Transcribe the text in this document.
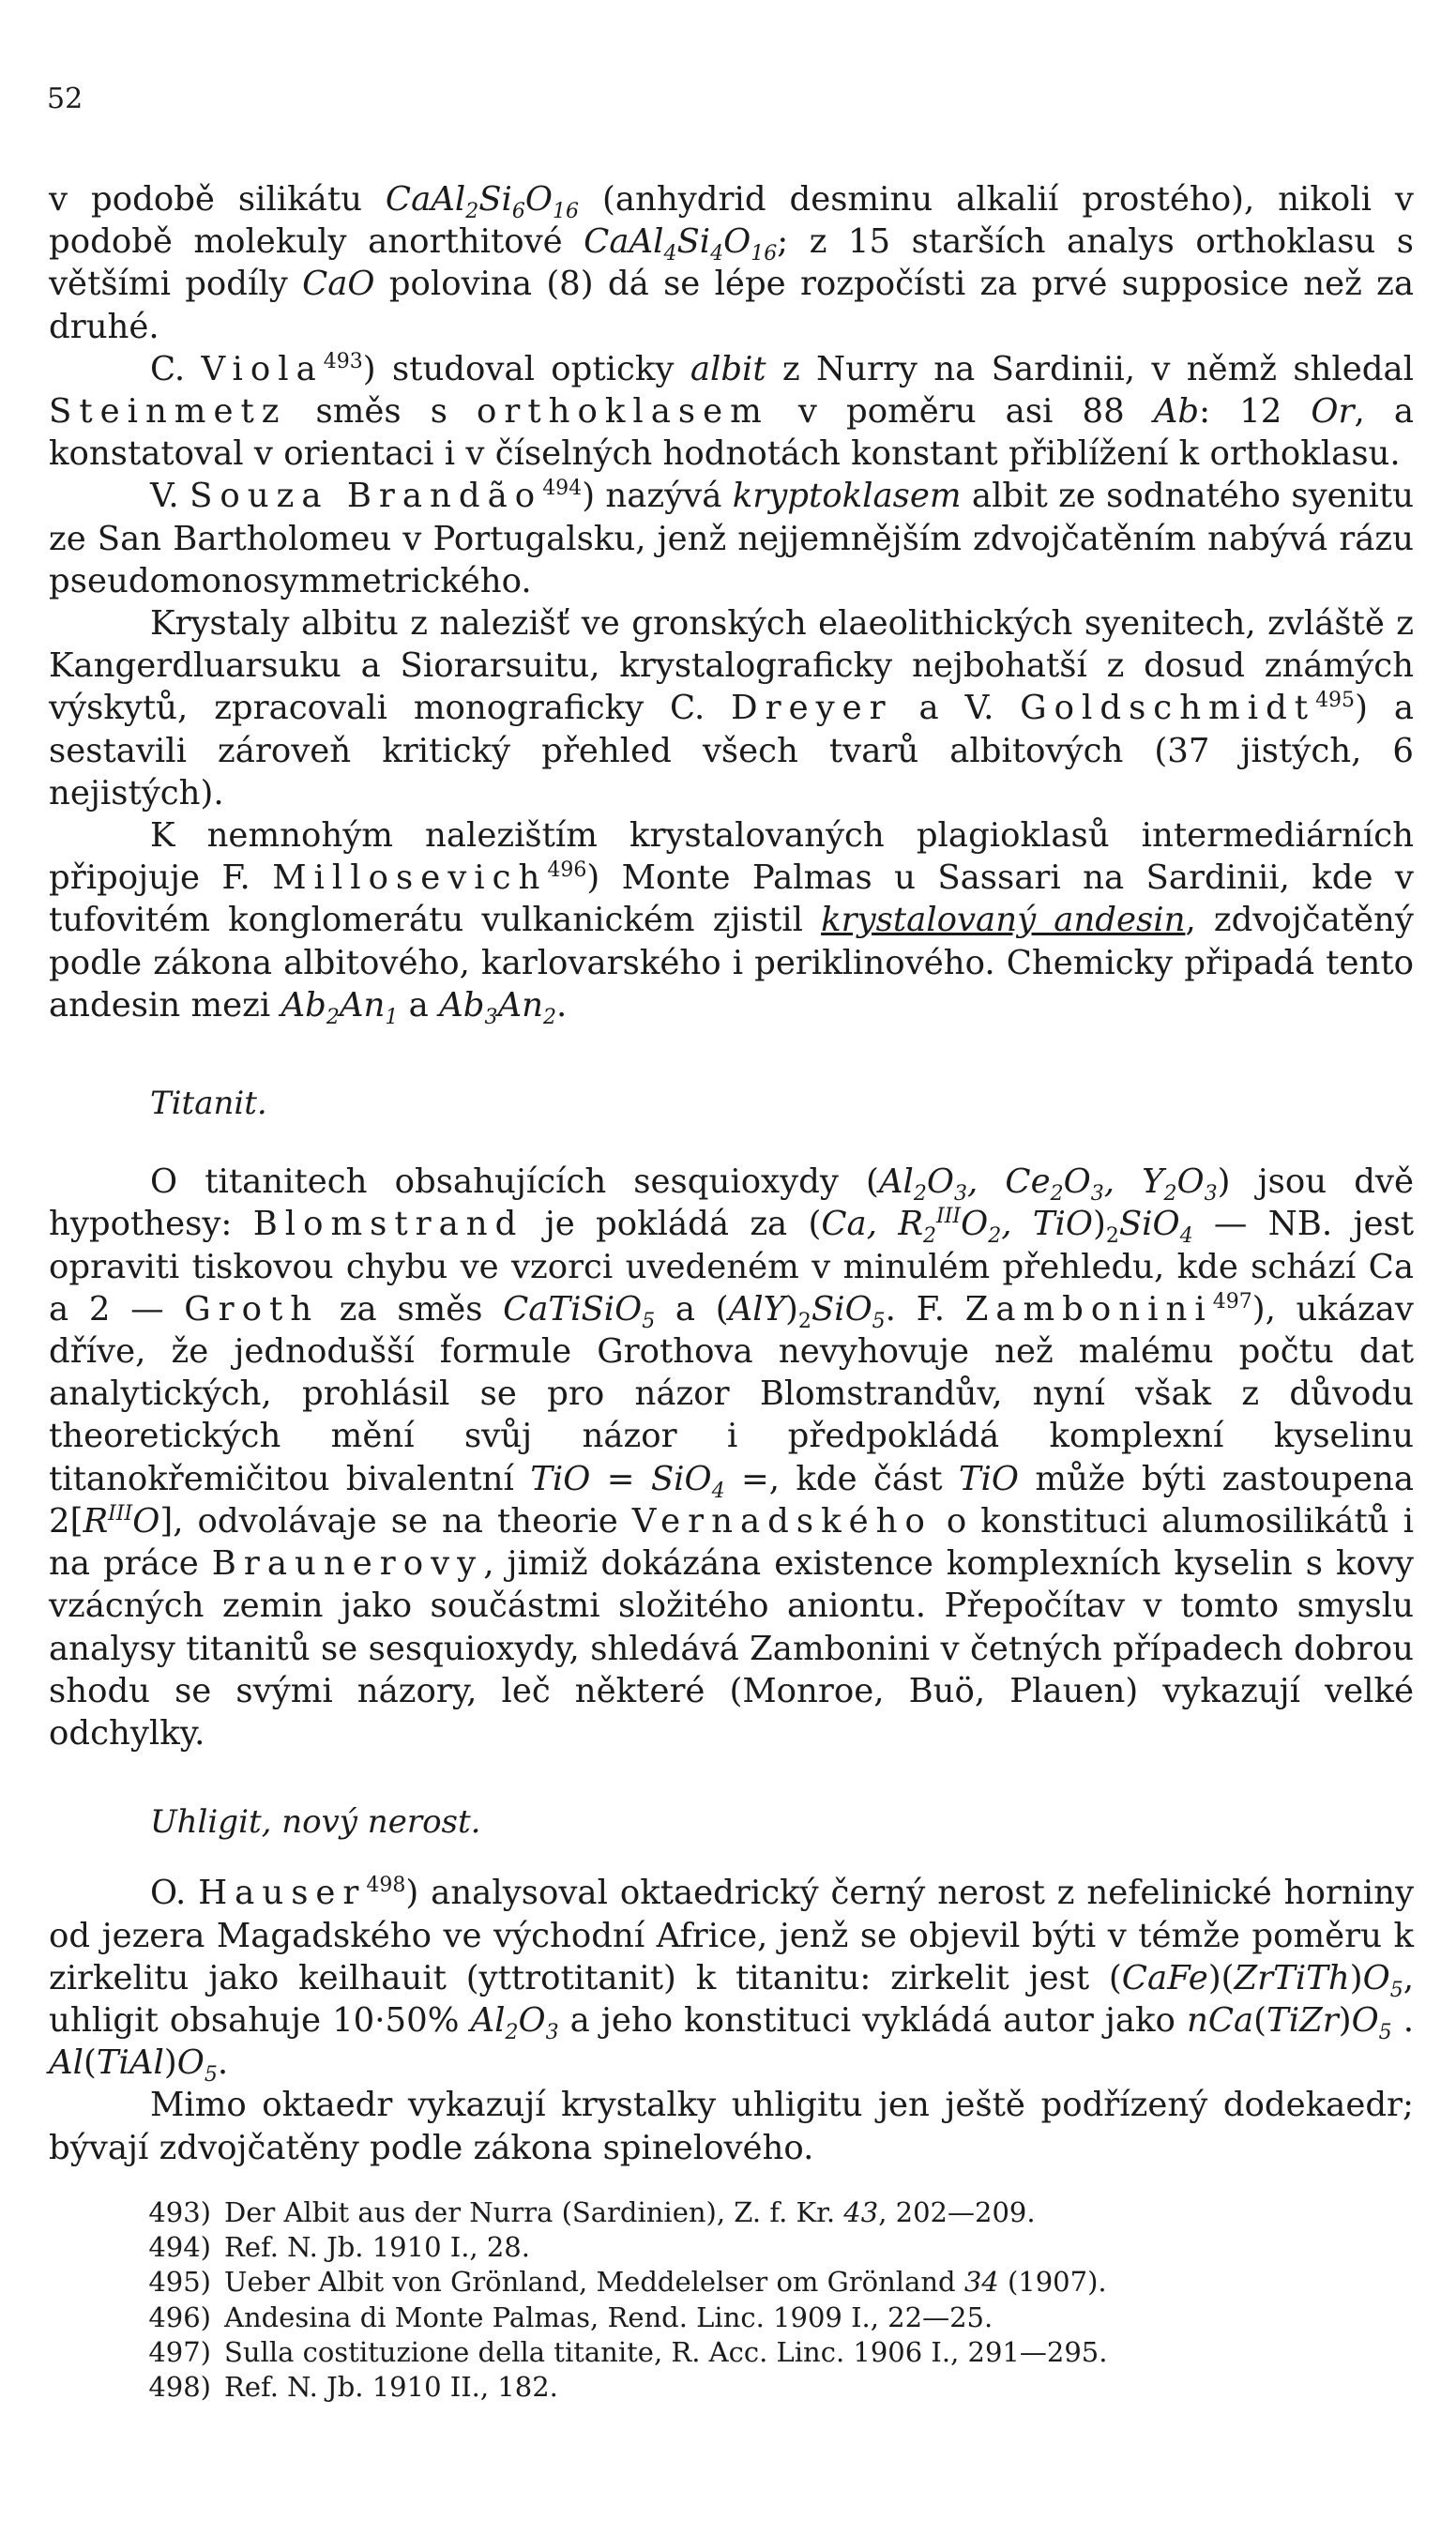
52

v podobě silikátu $CaAl_2Si_6O_{16}$ (anhydrid desminu alkalií prostého), nikoli v podobě molekuly anorthitové $CaAl_4Si_4O_{16}$; z 15 starších analys orthoklasu s většími podíly CaO polovina (8) dá se lépe rozpočísti za prvé supposice než za druhé.

C. Viola$^{493}$) studoval opticky albit z Nurry na Sardinii, v němž shledal Steinmetz směs s orthoklasem v poměru asi 88 Ab: 12 Or, a konstatoval v orientaci i v číselných hodnotách konstant přiblížení k orthoklasu.

V. Souza Brandão$^{494}$) nazývá kryptoklasem albit ze sodnatého syenitu ze San Bartholomeu v Portugalsku, jenž nejjemnějším zdvojčatěním nabývá rázu pseudomonosymmetrického.

Krystaly albitu z nalezišť ve gronských elaeolithických syenitech, zvláště z Kangerdluarsuku a Siorarsuitu, krystalograficky nejbohatší z dosud známých výskytů, zpracovali monograficky C. Dreyer a V. Goldschmidt$^{495}$) a sestavili zároveň kritický přehled všech tvarů albitových (37 jistých, 6 nejistých).

K nemnohým nalezištím krystalovaných plagioklasů intermediárních připojuje F. Millosevich$^{496}$) Monte Palmas u Sassari na Sardinii, kde v tufovitém konglomerátu vulkanickém zjistil krystalovaný andesin, zdvojčatěný podle zákona albitového, karlovarského i periklinového. Chemicky připadá tento andesin mezi $Ab_2An_1$ a $Ab_3An_2$.

Titanit.

O titanitech obsahujících sesquioxydy ($Al_2O_3$, $Ce_2O_3$, $Y_2O_3$) jsou dvě hypothesy: Blomstrand je pokládá za (Ca, $R_2^{III}O_2$, $TiO)_2SiO_4$ — NB. jest opraviti tiskovou chybu ve vzorci uvedeném v minulém přehledu, kde schází Ca a 2 — Groth za směs CaTiSiO$_5$ a $(AlY)_2SiO_5$. F. Zambonini$^{497}$), ukázav dříve, že jednodušší formule Grothova nevyhovuje než malému počtu dat analytických, prohlásil se pro názor Blomstrandův, nyní však z důvodu theoretických mění svůj názor i předpokládá komplexní kyselinu titanokřemičitou bivalentní TiO = SiO$_4$ =, kde část TiO může býti zastoupena $2[R^{III}O]$, odvolávaje se na theorie Vernadského o konstituci alumosilikátů i na práce Braunerovy, jimiž dokázána existence komplexních kyselin s kovy vzácných zemin jako součástmi složitého aniontu. Přepočítav v tomto smyslu analysy titanitů se sesquioxydy, shledává Zambonini v četných případech dobrou shodu se svými názory, leč některé (Monroe, Buö, Plauen) vykazují velké odchylky.

Uhligit, nový nerost.

O. Hauser$^{498}$) analysoval oktaedrický černý nerost z nefelinické horniny od jezera Magadského ve východní Africe, jenž se objevil býti v témže poměru k zirkelitu jako keilhauit (yttrotitanit) k titanitu: zirkelit jest $(CaFe)(ZrTiTh)O_5$, uhligit obsahuje 10·50% $Al_2O_3$ a jeho konstituci vykládá autor jako $nCa(TiZr)O_5$ . $Al(TiAl)O_5$.

Mimo oktaedr vykazují krystalky uhligitu jen ještě podřízený dodekaedr; bývají zdvojčatěny podle zákona spinelového.

493) Der Albit aus der Nurra (Sardinien), Z. f. Kr. 43, 202—209.
494) Ref. N. Jb. 1910 I., 28.
495) Ueber Albit von Grönland, Meddelelser om Grönland 34 (1907).
496) Andesina di Monte Palmas, Rend. Linc. 1909 I., 22—25.
497) Sulla costituzione della titanite, R. Acc. Linc. 1906 I., 291—295.
498) Ref. N. Jb. 1910 II., 182.
